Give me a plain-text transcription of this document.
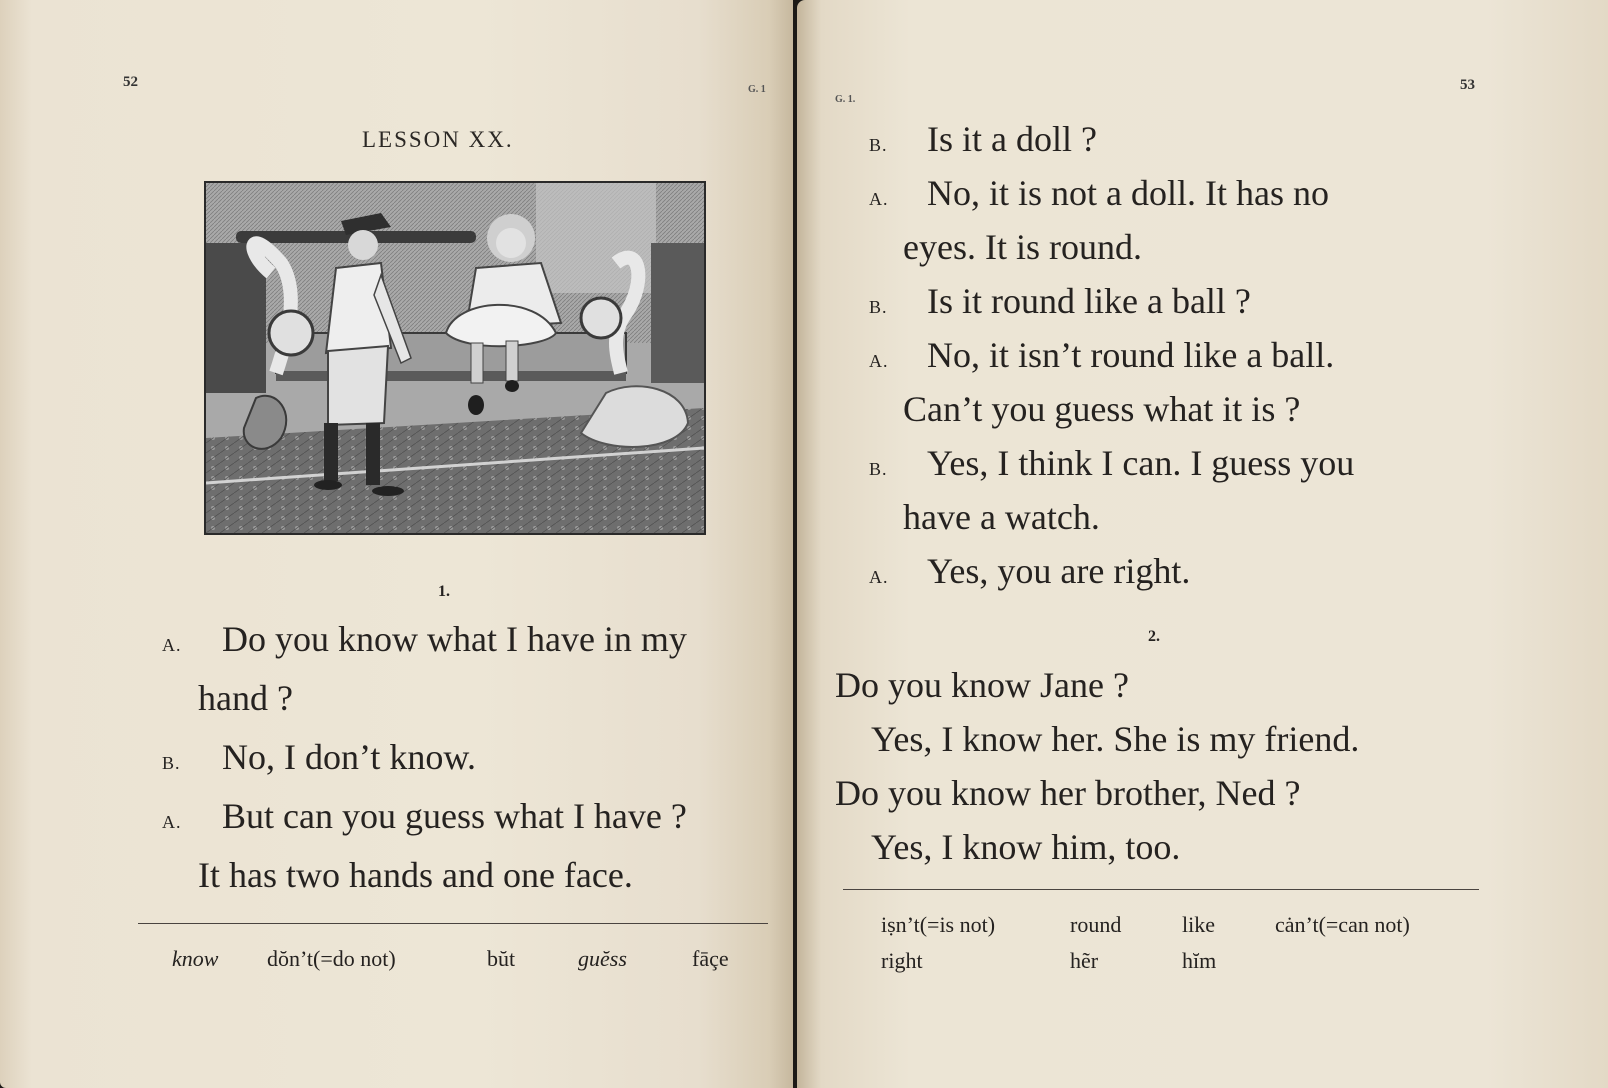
52	G. 1
LESSON XX.
1.
A. Do you know what I have in my
hand ?
B. No, I don’t know.
A. But can you guess what I have ?
It has two hands and one face.
know dŏn’t(=do not)	bŭt	guĕss	fāçe
G. 1.
53
B. Is it a doll ?
A. No, it is not a doll. It has no
eyes. It is round.
B. Is it round like a ball ?
A. No, it isn’t round like a ball.
Can’t you guess what it is ?
B. Yes, I think I can. I guess you
have a watch.
A. Yes, you are right.
2.
Do you know Jane ?
Yes, I know her. She is my friend.
Do you know her brother, Ned ?
Yes, I know him, too.
iṣn’t(=is not)	round	like	cȧn’t(=can not)
right	hẽr	hĭm
